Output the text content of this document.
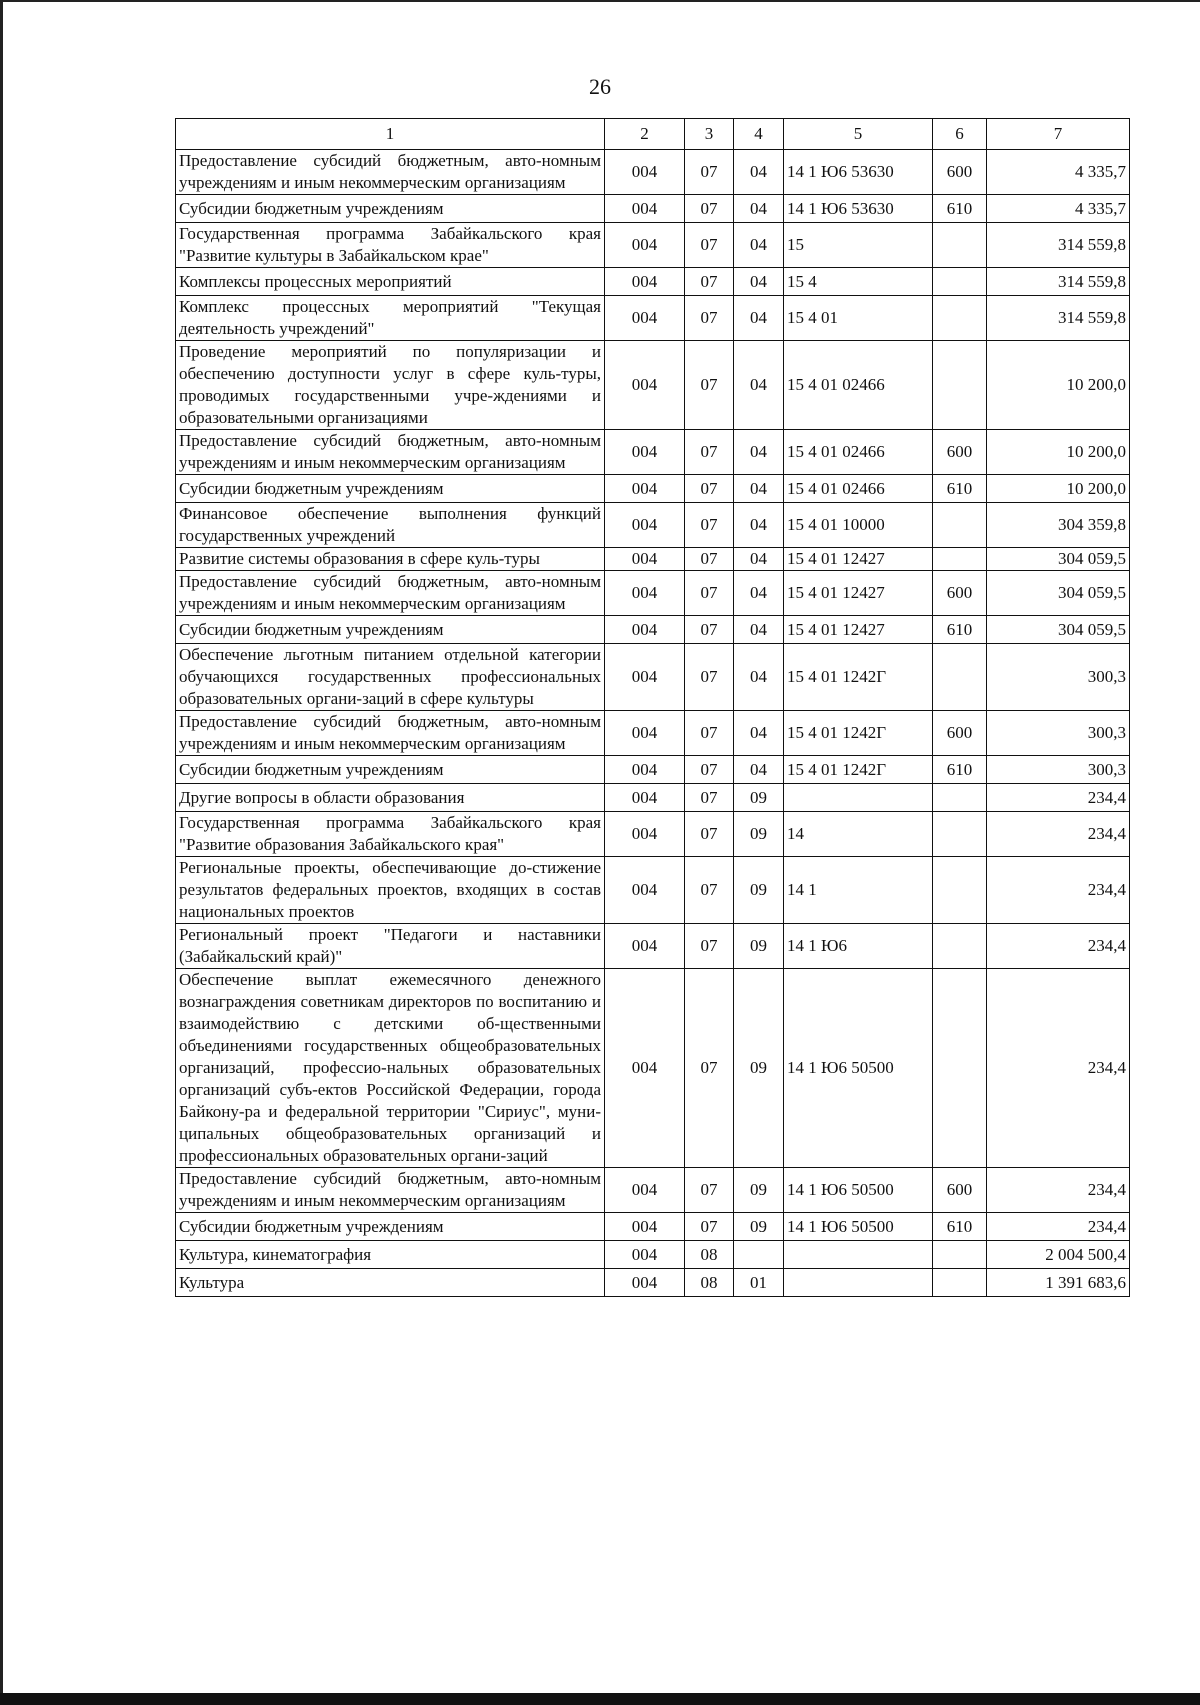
26
1	2	3	4	5	6	7
Предоставление субсидий бюджетным, авто-номным учреждениям и иным некоммерческим организациям	004	07	04	14 1 Ю6 53630	600	4 335,7
Субсидии бюджетным учреждениям	004	07	04	14 1 Ю6 53630	610	4 335,7
Государственная программа Забайкальского края "Развитие культуры в Забайкальском крае"	004	07	04	15		314 559,8
Комплексы процессных мероприятий	004	07	04	15 4		314 559,8
Комплекс процессных мероприятий "Текущая деятельность учреждений"	004	07	04	15 4 01		314 559,8
Проведение мероприятий по популяризации и обеспечению доступности услуг в сфере куль-туры, проводимых государственными учре-ждениями и образовательными организациями	004	07	04	15 4 01 02466		10 200,0
Предоставление субсидий бюджетным, авто-номным учреждениям и иным некоммерческим организациям	004	07	04	15 4 01 02466	600	10 200,0
Субсидии бюджетным учреждениям	004	07	04	15 4 01 02466	610	10 200,0
Финансовое обеспечение выполнения функций государственных учреждений	004	07	04	15 4 01 10000		304 359,8
Развитие системы образования в сфере куль-туры	004	07	04	15 4 01 12427		304 059,5
Предоставление субсидий бюджетным, авто-номным учреждениям и иным некоммерческим организациям	004	07	04	15 4 01 12427	600	304 059,5
Субсидии бюджетным учреждениям	004	07	04	15 4 01 12427	610	304 059,5
Обеспечение льготным питанием отдельной категории обучающихся государственных профессиональных образовательных органи-заций в сфере культуры	004	07	04	15 4 01 1242Г		300,3
Предоставление субсидий бюджетным, авто-номным учреждениям и иным некоммерческим организациям	004	07	04	15 4 01 1242Г	600	300,3
Субсидии бюджетным учреждениям	004	07	04	15 4 01 1242Г	610	300,3
Другие вопросы в области образования	004	07	09			234,4
Государственная программа Забайкальского края "Развитие образования Забайкальского края"	004	07	09	14		234,4
Региональные проекты, обеспечивающие до-стижение результатов федеральных проектов, входящих в состав национальных проектов	004	07	09	14 1		234,4
Региональный проект "Педагоги и наставники (Забайкальский край)"	004	07	09	14 1 Ю6		234,4
Обеспечение выплат ежемесячного денежного вознаграждения советникам директоров по воспитанию и взаимодействию с детскими об-щественными объединениями государственных общеобразовательных организаций, профессио-нальных образовательных организаций субъ-ектов Российской Федерации, города Байкону-ра и федеральной территории "Сириус", муни-ципальных общеобразовательных организаций и профессиональных образовательных органи-заций	004	07	09	14 1 Ю6 50500		234,4
Предоставление субсидий бюджетным, авто-номным учреждениям и иным некоммерческим организациям	004	07	09	14 1 Ю6 50500	600	234,4
Субсидии бюджетным учреждениям	004	07	09	14 1 Ю6 50500	610	234,4
Культура, кинематография	004	08				2 004 500,4
Культура	004	08	01			1 391 683,6
